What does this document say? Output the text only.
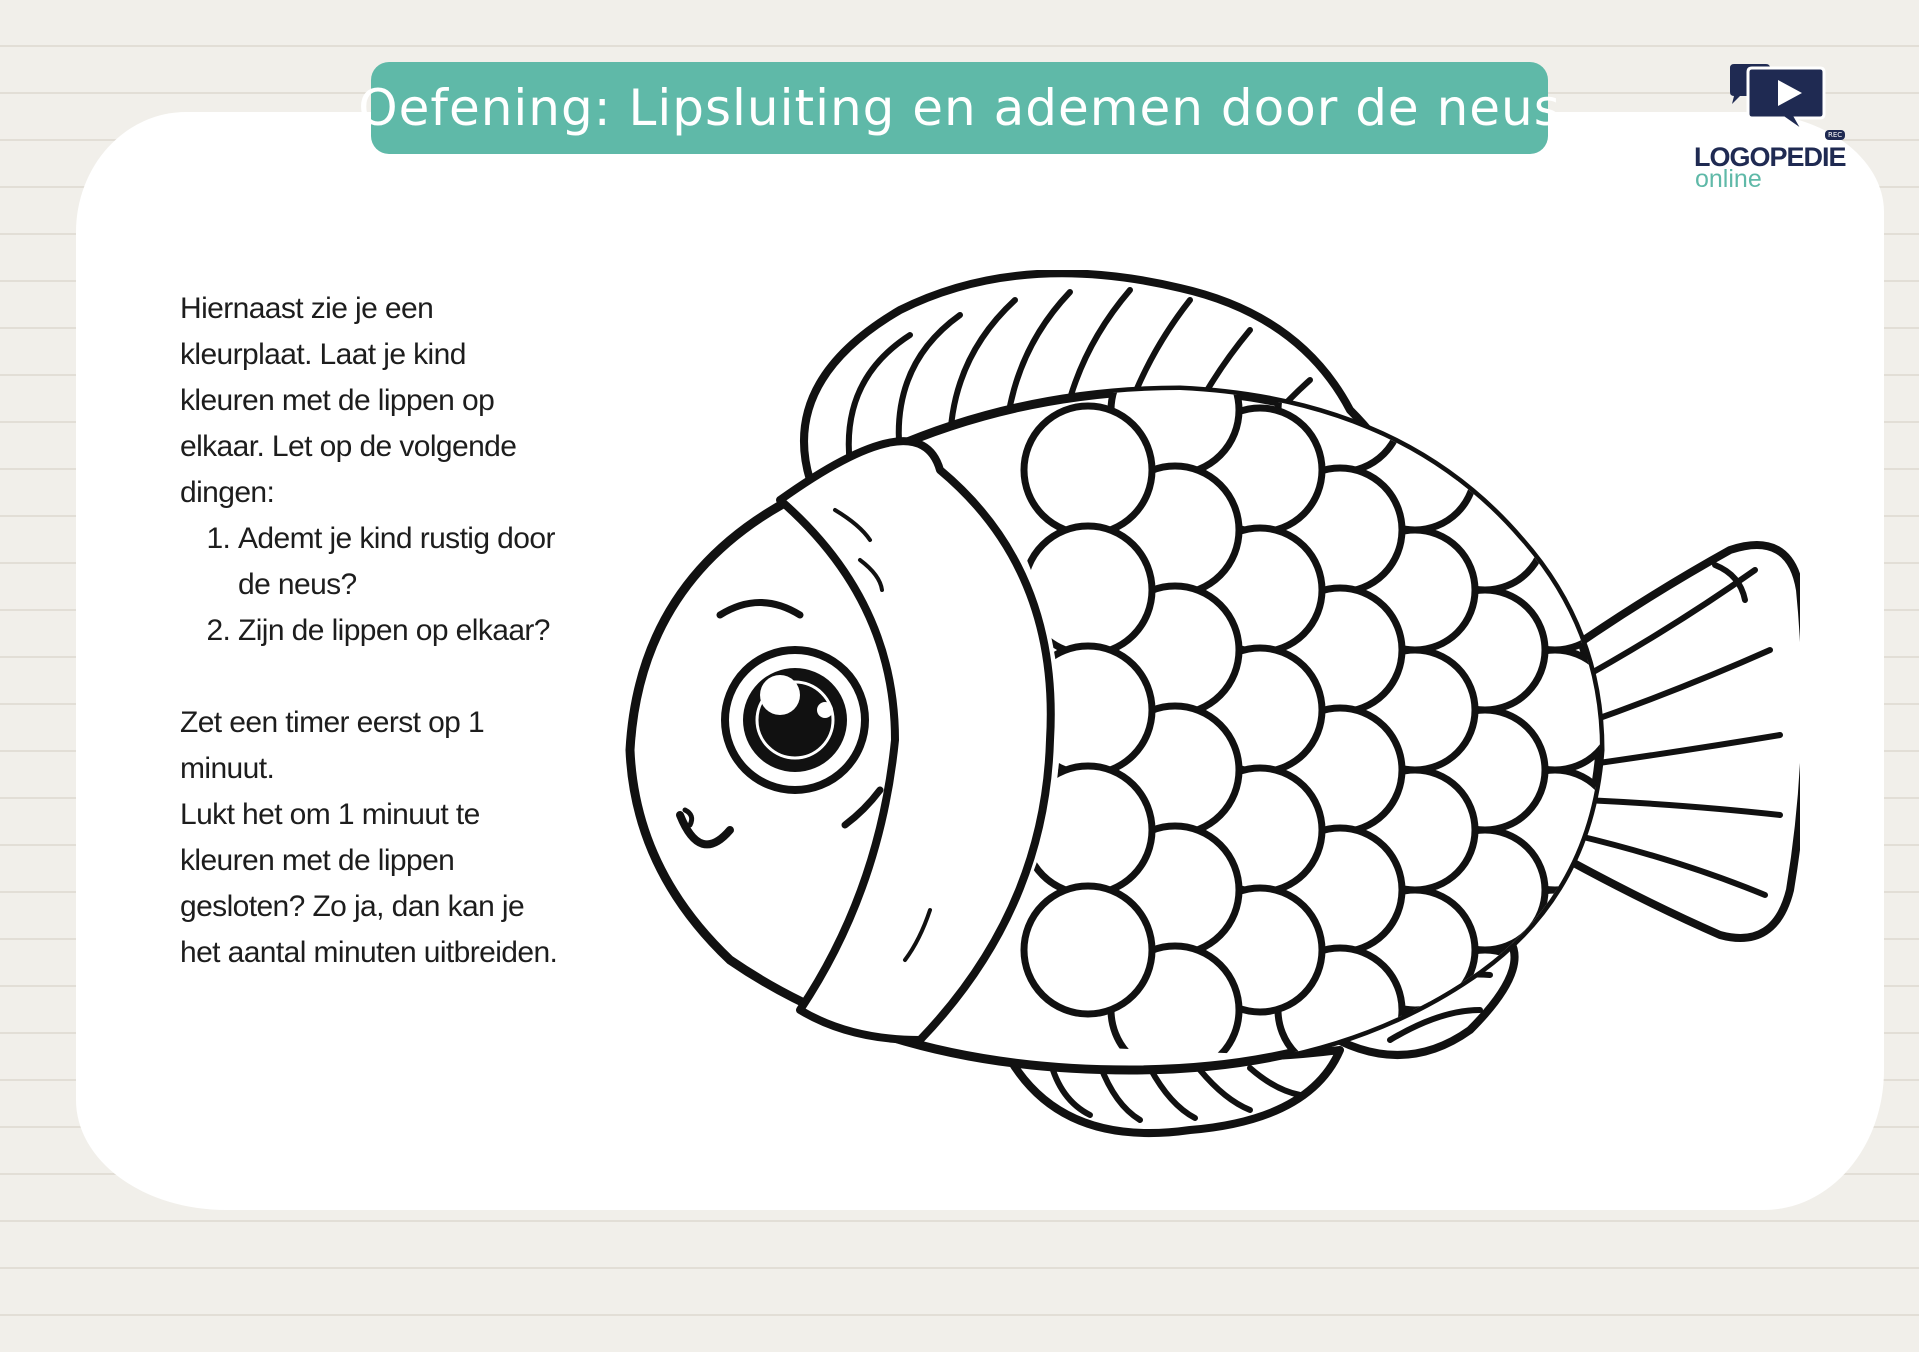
Oefening: Lipsluiting en ademen door de neus	REC
LOGOPEDIE
online

Hiernaast zie je een kleurplaat. Laat je kind kleuren met de lippen op elkaar. Let op de volgende dingen:

1. Ademt je kind rustig door de neus?
2. Zijn de lippen op elkaar?

Zet een timer eerst op 1 minuut.

Lukt het om 1 minuut te kleuren met de lippen gesloten? Zo ja, dan kan je het aantal minuten uitbreiden.
